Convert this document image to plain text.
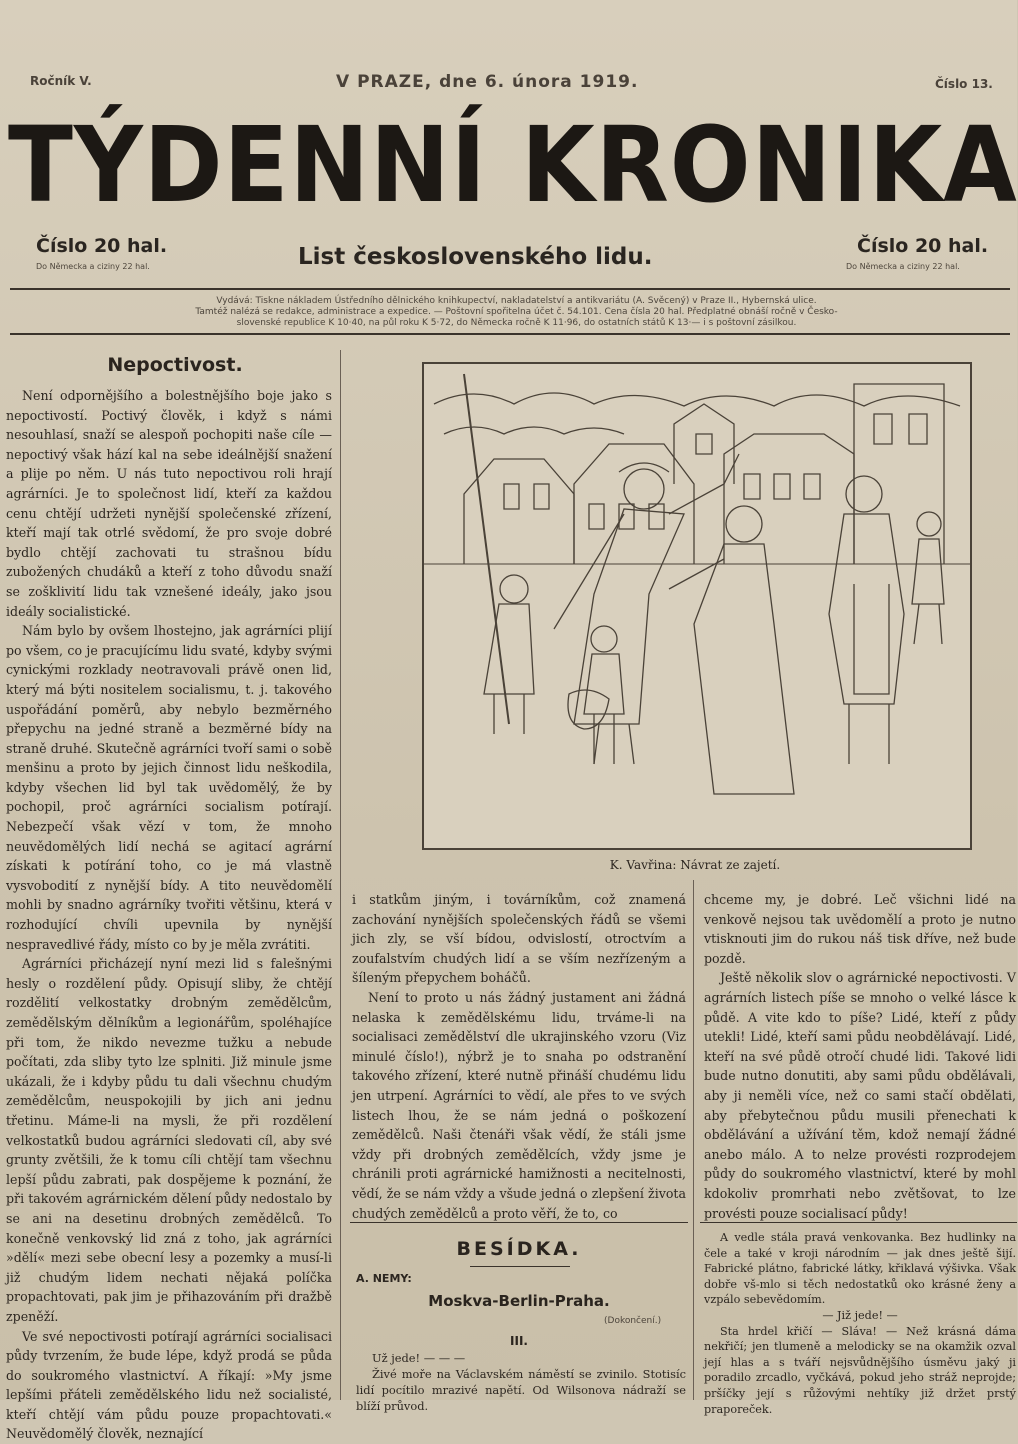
Ročník V.	V PRAZE, dne 6. února 1919.	Číslo 13.
TÝDENNÍ KRONIKA
Číslo 20 hal.
Do Německa a ciziny 22 hal.	List československého lidu.	Číslo 20 hal.
Do Německa a ciziny 22 hal.
Vydává: Tiskne nákladem Ústředního dělnického knihkupectví, nakladatelství a antikvariátu (A. Svěcený) v Praze II., Hybernská ulice.
Tamtéž nalézá se redakce, administrace a expedice. — Poštovní spořitelna účet č. 54.101. Cena čísla 20 hal. Předplatné obnáší ročně v Česko-
slovenské republice K 10·40, na půl roku K 5·72, do Německa ročně K 11·96, do ostatních států K 13·— i s poštovní zásilkou.
Nepoctivost.

Není odpornějšího a bolestnějšího boje jako s nepoctivostí. Poctivý člověk, i když s námi nesouhlasí, snaží se alespoň pochopiti naše cíle — nepoctivý však hází kal na sebe ideálnější snažení a plije po něm. U nás tuto nepoctivou roli hrají agrárníci. Je to společnost lidí, kteří za každou cenu chtějí udržeti nynější společenské zřízení, kteří mají tak otrlé svědomí, že pro svoje dobré bydlo chtějí zachovati tu strašnou bídu zubožených chudáků a kteří z toho důvodu snaží se zošklivití lidu tak vznešené ideály, jako jsou ideály socialistické.

Nám bylo by ovšem lhostejno, jak agrárníci plijí po všem, co je pracujícímu lidu svaté, kdyby svými cynickými rozklady neotravovali právě onen lid, který má býti nositelem socialismu, t. j. takového uspořádání poměrů, aby nebylo bezměrného přepychu na jedné straně a bezměrné bídy na straně druhé. Skutečně agrárníci tvoří sami o sobě menšinu a proto by jejich činnost lidu neškodila, kdyby všechen lid byl tak uvědomělý, že by pochopil, proč agrárníci socialism potírají. Nebezpečí však vězí v tom, že mnoho neuvědomělých lidí nechá se agitací agrární získati k potírání toho, co je má vlastně vysvobodití z nynější bídy. A tito neuvědomělí mohli by snadno agrárníky tvořiti většinu, která v rozhodující chvíli upevnila by nynější nespravedlivé řády, místo co by je měla zvrátiti.

Agrárníci přicházejí nyní mezi lid s falešnými hesly o rozdělení půdy. Opisují sliby, že chtějí rozdělití velkostatky drobným zemědělcům, zemědělským dělníkům a legionářům, spoléhajíce při tom, že nikdo nevezme tužku a nebude počítati, zda sliby tyto lze splniti. Již minule jsme ukázali, že i kdyby půdu tu dali všechnu chudým zemědělcům, neuspokojili by jich ani jednu třetinu. Máme-li na mysli, že při rozdělení velkostatků budou agrárníci sledovati cíl, aby své grunty zvětšili, že k tomu cíli chtějí tam všechnu lepší půdu zabrati, pak dospějeme k poznání, že při takovém agrárnickém dělení půdy nedostalo by se ani na desetinu drobných zemědělců. To konečně venkovský lid zná z toho, jak agrárníci »dělí« mezi sebe obecní lesy a pozemky a musí-li již chudým lidem nechati nějaká políčka propachtovati, pak jim je přihazováním při dražbě zpeněží.

Ve své nepoctivosti potírají agrárníci socialisaci půdy tvrzením, že bude lépe, když prodá se půda do soukromého vlastnictví. A říkají: »My jsme lepšími přáteli zemědělského lidu než socialisté, kteří chtějí vám půdu pouze propachtovati.« Neuvědomělý člověk, neznající

K. Vavřina: Návrat ze zajetí.

i statkům jiným, i továrníkům, což znamená zachování nynějších společenských řádů se všemi jich zly, se vší bídou, odvislostí, otroctvím a zoufalstvím chudých lidí a se vším nezřízeným a šíleným přepychem boháčů.

Není to proto u nás žádný justament ani žádná nelaska k zemědělskému lidu, trváme-li na socialisaci zemědělství dle ukrajinského vzoru (Viz minulé číslo!), nýbrž je to snaha po odstranění takového zřízení, které nutně přináší chudému lidu jen utrpení. Agrárníci to vědí, ale přes to ve svých listech lhou, že se nám jedná o poškození zemědělců. Naši čtenáři však vědí, že stáli jsme vždy při drobných zemědělcích, vždy jsme je chránili proti agrárnické hamižnosti a necitelnosti, vědí, že se nám vždy a všude jedná o zlepšení života chudých zemědělců a proto věří, že to, co

BESÍDKA.
A. NEMY:
Moskva-Berlin-Praha.
(Dokončení.)
III.

Už jede! — — —

Živé moře na Václavském náměstí se zvinilo. Stotisíc lidí pocítilo mrazivé napětí. Od Wilsonova nádraží se blíží průvod.

chceme my, je dobré. Leč všichni lidé na venkově nejsou tak uvědomělí a proto je nutno vtisknouti jim do rukou náš tisk dříve, než bude pozdě.

Ještě několik slov o agrárnické nepoctivosti. V agrárních listech píše se mnoho o velké lásce k půdě. A vite kdo to píše? Lidé, kteří z půdy utekli! Lidé, kteří sami půdu neobdělávají. Lidé, kteří na své půdě otročí chudé lidi. Takové lidi bude nutno donutiti, aby sami půdu obdělávali, aby ji neměli více, než co sami stačí obdělati, aby přebytečnou půdu musili přenechati k obdělávání a užívání těm, kdož nemají žádné anebo málo. A to nelze provésti rozprodejem půdy do soukromého vlastnictví, které by mohl kdokoliv promrhati nebo zvětšovat, to lze provésti pouze socialisací půdy!

A vedle stála pravá venkovanka. Bez hudlinky na čele a také v kroji národním — jak dnes ještě šijí. Fabrické plátno, fabrické látky, křiklavá výšivka. Však dobře vš-mlo si těch nedostatků oko krásné ženy a vzpálo sebevědomím.

— Již jede! —

Sta hrdel křičí — Sláva! — Než krásná dáma nekřičí; jen tlumeně a melodicky se na okamžik ozval její hlas a s tváří nejsvůdnějšího úsměvu jaký ji poradilo zrcadlo, vyčkává, pokud jeho stráž neprojde; pršíčky její s růžovými nehtíky již držet prstý praporeček.
